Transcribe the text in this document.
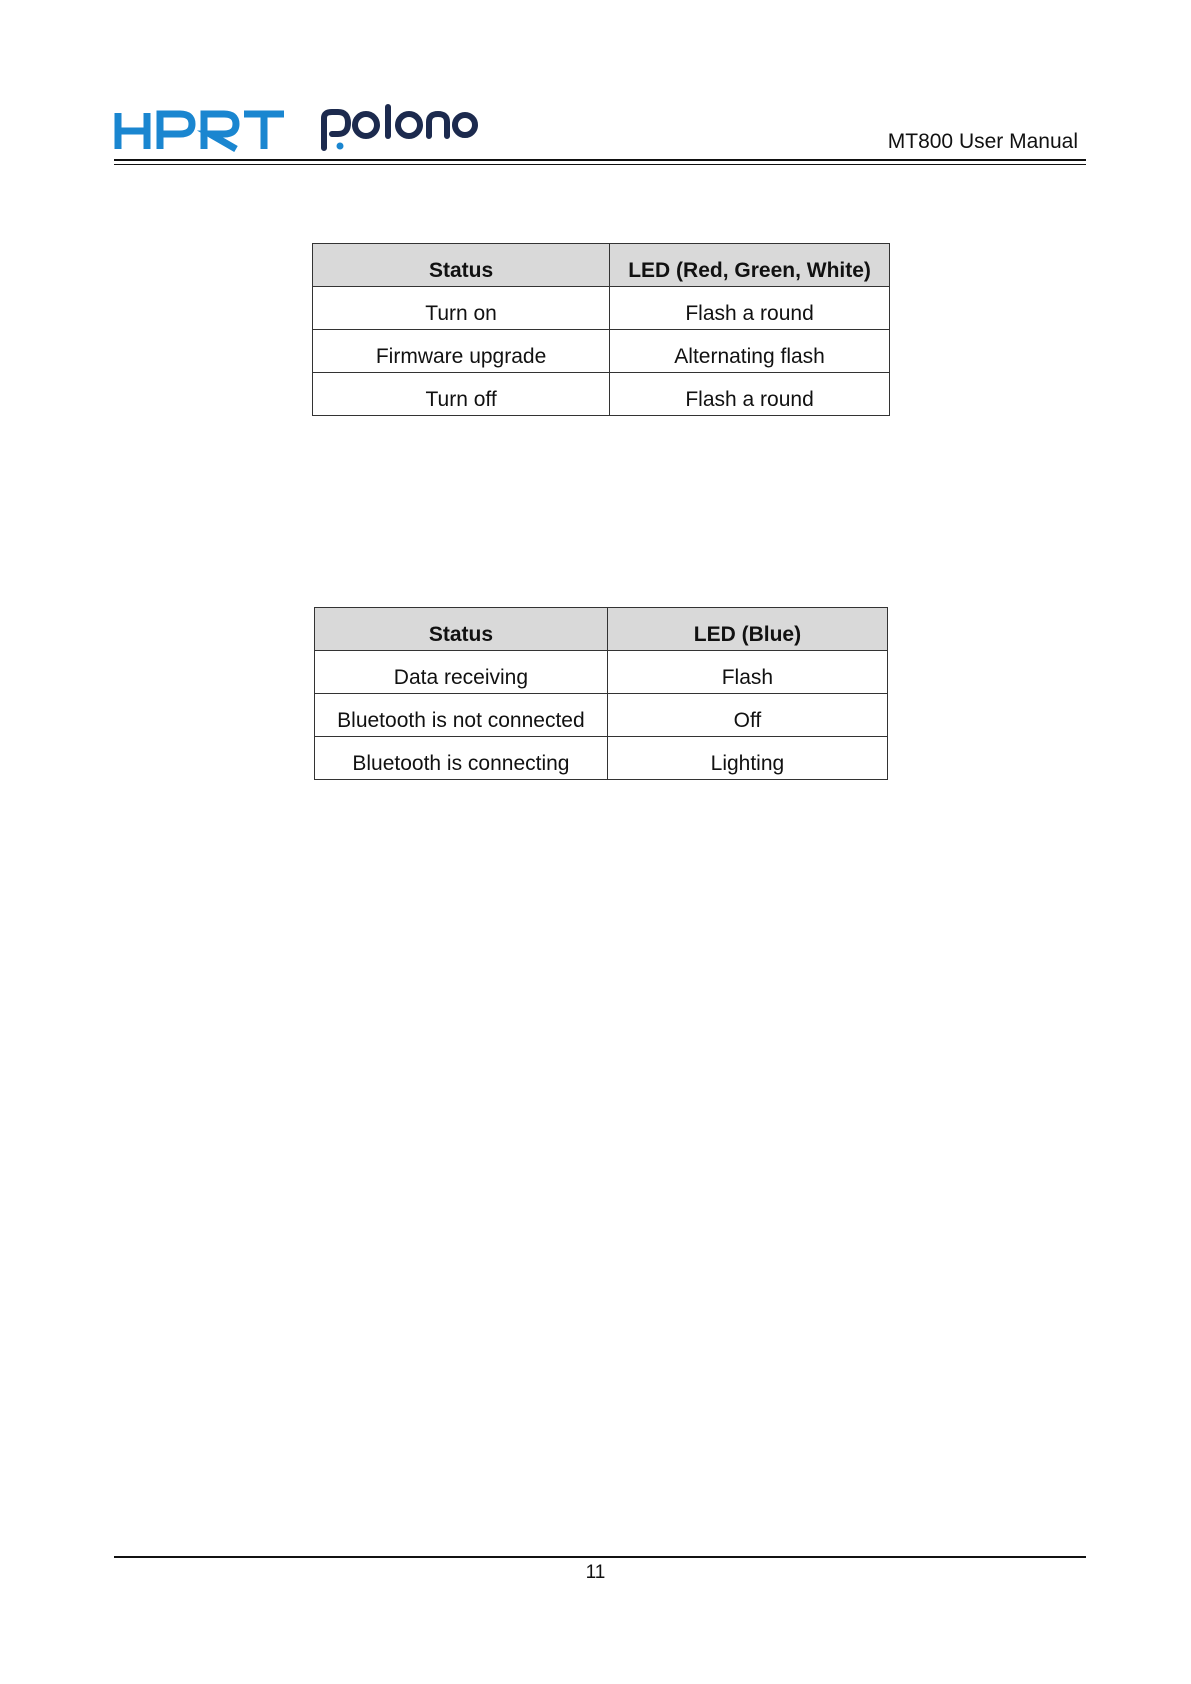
MT800 User Manual
Status	LED (Red, Green, White)
Turn on	Flash a round
Firmware upgrade	Alternating flash
Turn off	Flash a round
Status	LED (Blue)
Data receiving	Flash
Bluetooth is not connected	Off
Bluetooth is connecting	Lighting
11
